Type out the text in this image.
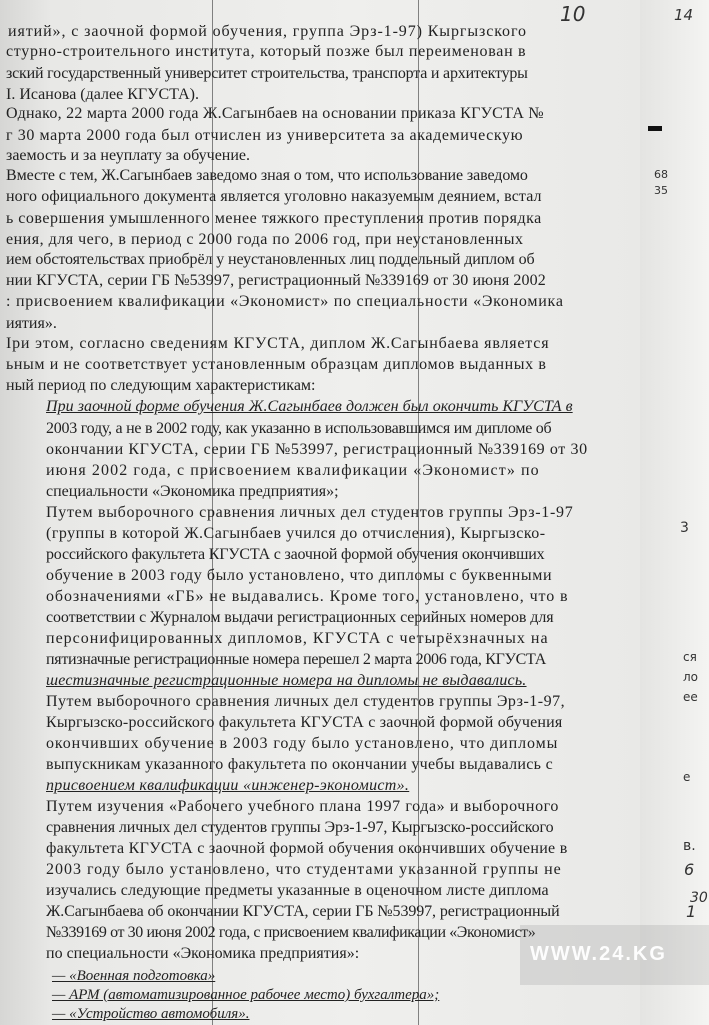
10	14
68
35
3
ся
ло
ее
е
в.
6
1
30

иятий», с заочной формой обучения, группа Эрз-1-97) Кыргызского

стурно-строительного института, который позже был переименован в

зский государственный университет строительства, транспорта и архитектуры

І. Исанова (далее КГУСТА).

Однако, 22 марта 2000 года Ж.Сагынбаев на основании приказа КГУСТА №

г 30 марта 2000 года был отчислен из университета за академическую

заемость и за неуплату за обучение.

Вместе с тем, Ж.Сагынбаев заведомо зная о том, что использование заведомо

ного официального документа является уголовно наказуемым деянием, встал

ь совершения умышленного менее тяжкого преступления против порядка

ения, для чего, в период с 2000 года по 2006 год, при неустановленных

ием обстоятельствах приобрёл у неустановленных лиц поддельный диплом об

нии КГУСТА, серии ГБ №53997, регистрационный №339169 от 30 июня 2002

: присвоением квалификации «Экономист» по специальности «Экономика

иятия».

Іри этом, согласно сведениям КГУСТА, диплом Ж.Сагынбаева является

ьным и не соответствует установленным образцам дипломов выданных в

ный период по следующим характеристикам:

При заочной форме обучения Ж.Сагынбаев должен был окончить КГУСТА в

2003 году, а не в 2002 году, как указанно в использовавшимся им дипломе об

окончании КГУСТА, серии ГБ №53997, регистрационный №339169 от 30

июня 2002 года, с присвоением квалификации «Экономист» по

специальности «Экономика предприятия»;

Путем выборочного сравнения личных дел студентов группы Эрз-1-97

(группы в которой Ж.Сагынбаев учился до отчисления), Кыргызско-

российского факультета КГУСТА с заочной формой обучения окончивших

обучение в 2003 году было установлено, что дипломы с буквенными

обозначениями «ГБ» не выдавались. Кроме того, установлено, что в

соответствии с Журналом выдачи регистрационных серийных номеров для

персонифицированных дипломов, КГУСТА с четырёхзначных на

пятизначные регистрационные номера перешел 2 марта 2006 года, КГУСТА

шестизначные регистрационные номера на дипломы не выдавались.

Путем выборочного сравнения личных дел студентов группы Эрз-1-97,

Кыргызско-российского факультета КГУСТА с заочной формой обучения

окончивших обучение в 2003 году было установлено, что дипломы

выпускникам указанного факультета по окончании учебы выдавались с

присвоением квалификации «инженер-экономист».

Путем изучения «Рабочего учебного плана 1997 года» и выборочного

сравнения личных дел студентов группы Эрз-1-97, Кыргызско-российского

факультета КГУСТА с заочной формой обучения окончивших обучение в

2003 году было установлено, что студентами указанной группы не

изучались следующие предметы указанные в оценочном листе диплома

Ж.Сагынбаева об окончании КГУСТА, серии ГБ №53997, регистрационный

№339169 от 30 июня 2002 года, с присвоением квалификации «Экономист»

по специальности «Экономика предприятия»:

— «Военная подготовка»

— АРМ (автоматизированное рабочее место) бухгалтера»;

— «Устройство автомобиля».

WWW.24.KG
